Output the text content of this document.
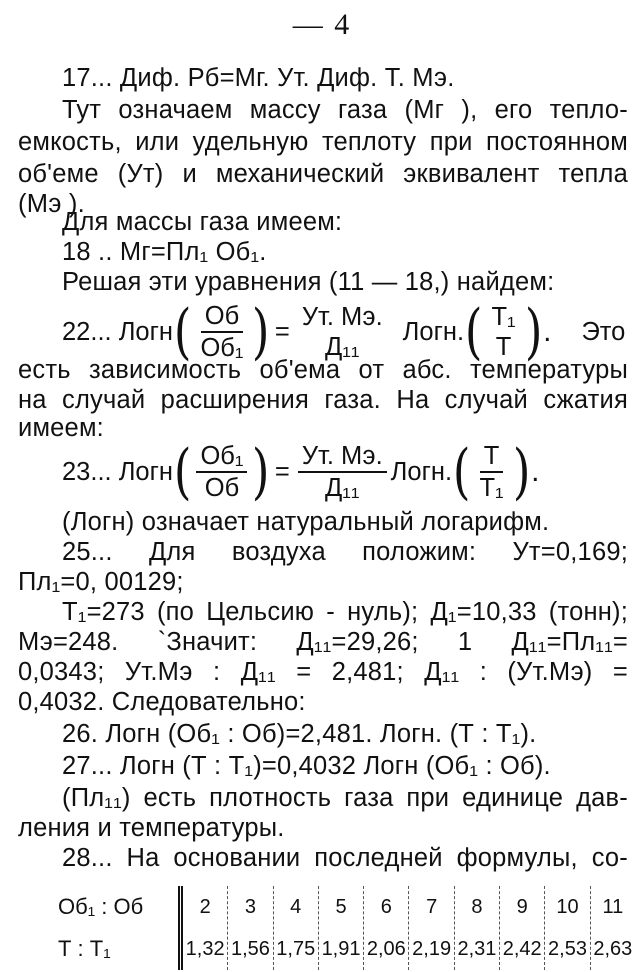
— 4
17... Диф. Рб=Мг. Ут. Диф. Т. Мэ.
Тут означаем массу газа (Мг ), его тепло-
емкость, или удельную теплоту при постоянном
об'еме (Ут) и механический эквивалент тепла
(Мэ ).
Для массы газа имеем:
18 .. Мг=Пл₁ Об₁.
Решая эти уравнения (11 — 18,) найдем:
22... Логн ( $\frac{Об}{\text{Об₁}}$ ) =
Ут. Мэ.
Д₁₁
Логн. ( Т₁
Т ) . Это
есть зависимость об'ема от абс. температуры
на случай расширения газа. На случай сжатия
имеем:
23... Логн ( $\frac{\text{Об₁}}{Об}$ ) = $\frac{Ут. Мэ.}{\text{Д₁₁}}$ Логн. ( $\frac{Т}{\text{Т₁}}$ ) .
(Логн) означает натуральный логарифм.
25... Для воздуха положим: Ут=0,169;
Пл₁=0, 00129;
Т₁=273 (по Цельсию - нуль); Д₁=10,33 (тонн);
Мэ=248. `Значит: Д₁₁=29,26; 1 Д₁₁=Пл₁₁=
0,0343; Ут.Мэ : Д₁₁ = 2,481; Д₁₁ : (Ут.Мэ) =
0,4032. Следовательно:
26. Логн (Об₁ : Об)=2,481. Логн. (Т : Т₁).
27... Логн (Т : Т₁)=0,4032 Логн (Об₁ : Об).
(Пл₁₁) есть плотность газа при единице дав-
ления и температуры.
28... На основании последней формулы, со-
Об₁ : Об
Т : Т₁
2
1,32
3
1,56
4
1,75
5
1,91
6
2,06
7
2,19
8
2,31
9
2,42
10
2,53
11
2,63
